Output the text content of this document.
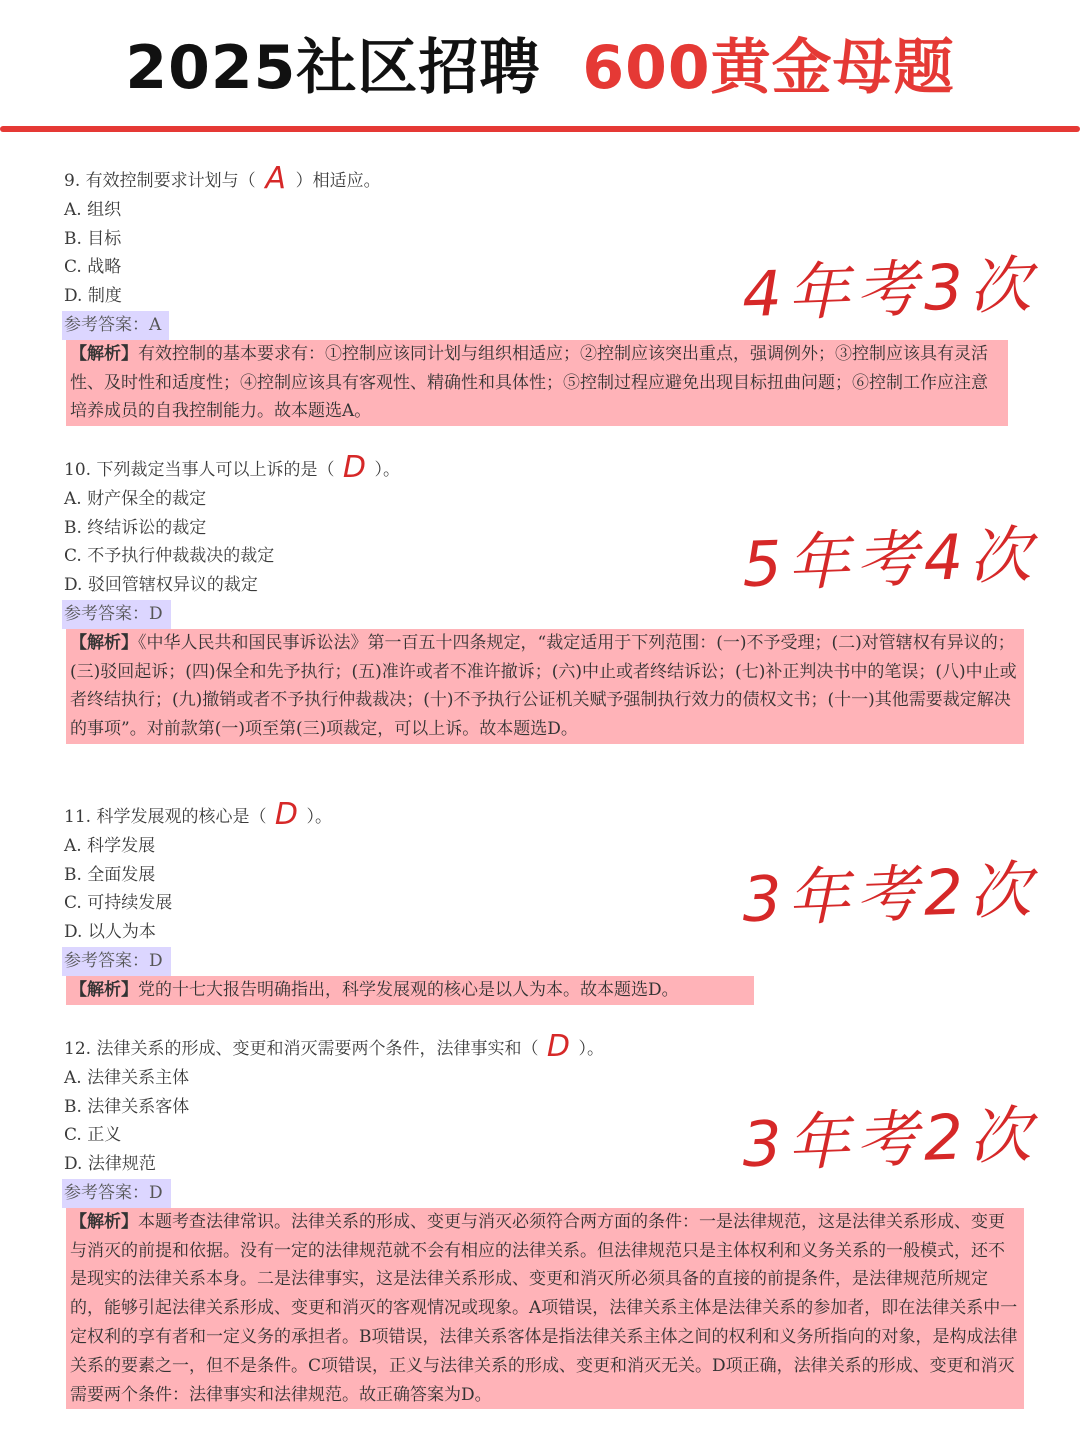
2025社区招聘 600黄金母题
9. 有效控制要求计划与（ A ）相适应。
A. 组织
B. 目标
C. 战略
D. 制度
参考答案：A
【解析】有效控制的基本要求有：①控制应该同计划与组织相适应；②控制应该突出重点，强调例外；③控制应该具有灵活性、及时性和适度性；④控制应该具有客观性、精确性和具体性；⑤控制过程应避免出现目标扭曲问题；⑥控制工作应注意培养成员的自我控制能力。故本题选A。
4年考3次
10. 下列裁定当事人可以上诉的是（ D ）。
A. 财产保全的裁定
B. 终结诉讼的裁定
C. 不予执行仲裁裁决的裁定
D. 驳回管辖权异议的裁定
参考答案：D
【解析】《中华人民共和国民事诉讼法》第一百五十四条规定，“裁定适用于下列范围：(一)不予受理；(二)对管辖权有异议的；(三)驳回起诉；(四)保全和先予执行；(五)准许或者不准许撤诉；(六)中止或者终结诉讼；(七)补正判决书中的笔误；(八)中止或者终结执行；(九)撤销或者不予执行仲裁裁决；(十)不予执行公证机关赋予强制执行效力的债权文书；(十一)其他需要裁定解决的事项”。对前款第(一)项至第(三)项裁定，可以上诉。故本题选D。
5年考4次
11. 科学发展观的核心是（ D ）。
A. 科学发展
B. 全面发展
C. 可持续发展
D. 以人为本
参考答案：D
【解析】党的十七大报告明确指出，科学发展观的核心是以人为本。故本题选D。
3年考2次
12. 法律关系的形成、变更和消灭需要两个条件，法律事实和（ D ）。
A. 法律关系主体
B. 法律关系客体
C. 正义
D. 法律规范
参考答案：D
【解析】本题考查法律常识。法律关系的形成、变更与消灭必须符合两方面的条件：一是法律规范，这是法律关系形成、变更与消灭的前提和依据。没有一定的法律规范就不会有相应的法律关系。但法律规范只是主体权利和义务关系的一般模式，还不是现实的法律关系本身。二是法律事实，这是法律关系形成、变更和消灭所必须具备的直接的前提条件，是法律规范所规定的，能够引起法律关系形成、变更和消灭的客观情况或现象。A项错误，法律关系主体是法律关系的参加者，即在法律关系中一定权利的享有者和一定义务的承担者。B项错误，法律关系客体是指法律关系主体之间的权利和义务所指向的对象，是构成法律关系的要素之一，但不是条件。C项错误，正义与法律关系的形成、变更和消灭无关。D项正确，法律关系的形成、变更和消灭需要两个条件：法律事实和法律规范。故正确答案为D。
3年考2次
